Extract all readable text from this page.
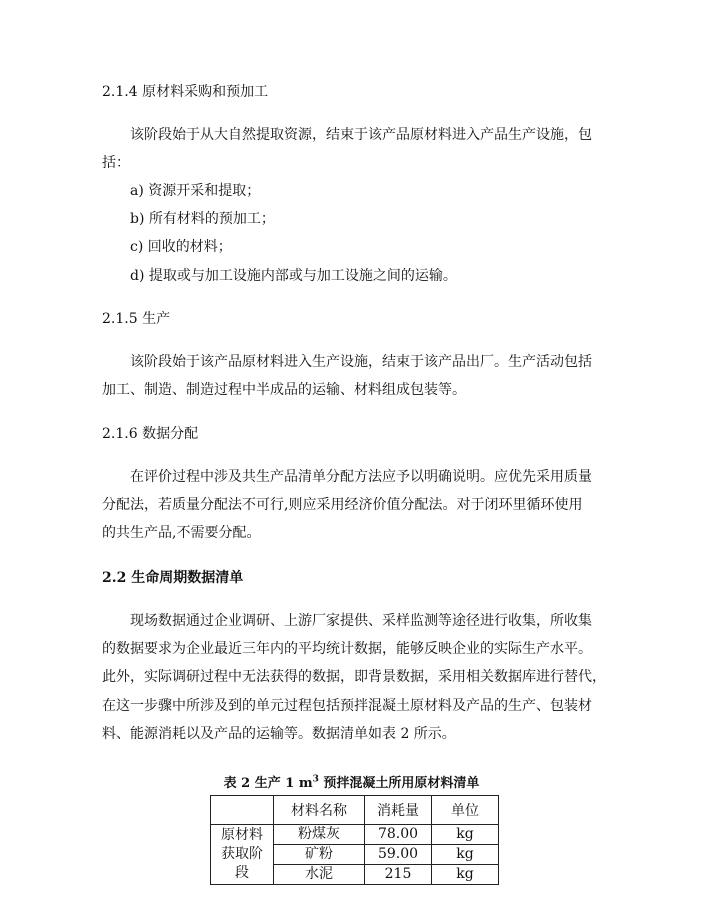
2.1.4 原材料采购和预加工
该阶段始于从大自然提取资源，结束于该产品原材料进入产品生产设施，包
括：
a) 资源开采和提取；
b) 所有材料的预加工；
c) 回收的材料；
d) 提取或与加工设施内部或与加工设施之间的运输。
2.1.5 生产
该阶段始于该产品原材料进入生产设施，结束于该产品出厂。生产活动包括
加工、制造、制造过程中半成品的运输、材料组成包装等。
2.1.6 数据分配
在评价过程中涉及共生产品清单分配方法应予以明确说明。应优先采用质量
分配法，若质量分配法不可行,则应采用经济价值分配法。对于闭环里循环使用
的共生产品,不需要分配。
2.2 生命周期数据清单
现场数据通过企业调研、上游厂家提供、采样监测等途径进行收集，所收集
的数据要求为企业最近三年内的平均统计数据，能够反映企业的实际生产水平。
此外，实际调研过程中无法获得的数据，即背景数据，采用相关数据库进行替代，
在这一步骤中所涉及到的单元过程包括预拌混凝土原材料及产品的生产、包装材
料、能源消耗以及产品的运输等。数据清单如表 2 所示。
表 2 生产 1 $m^3$ 预拌混凝土所用原材料清单
	材料名称	消耗量	单位

原材料
获取阶
段	粉煤灰	78.00	kg
	矿粉	59.00	kg
	水泥	215	kg
